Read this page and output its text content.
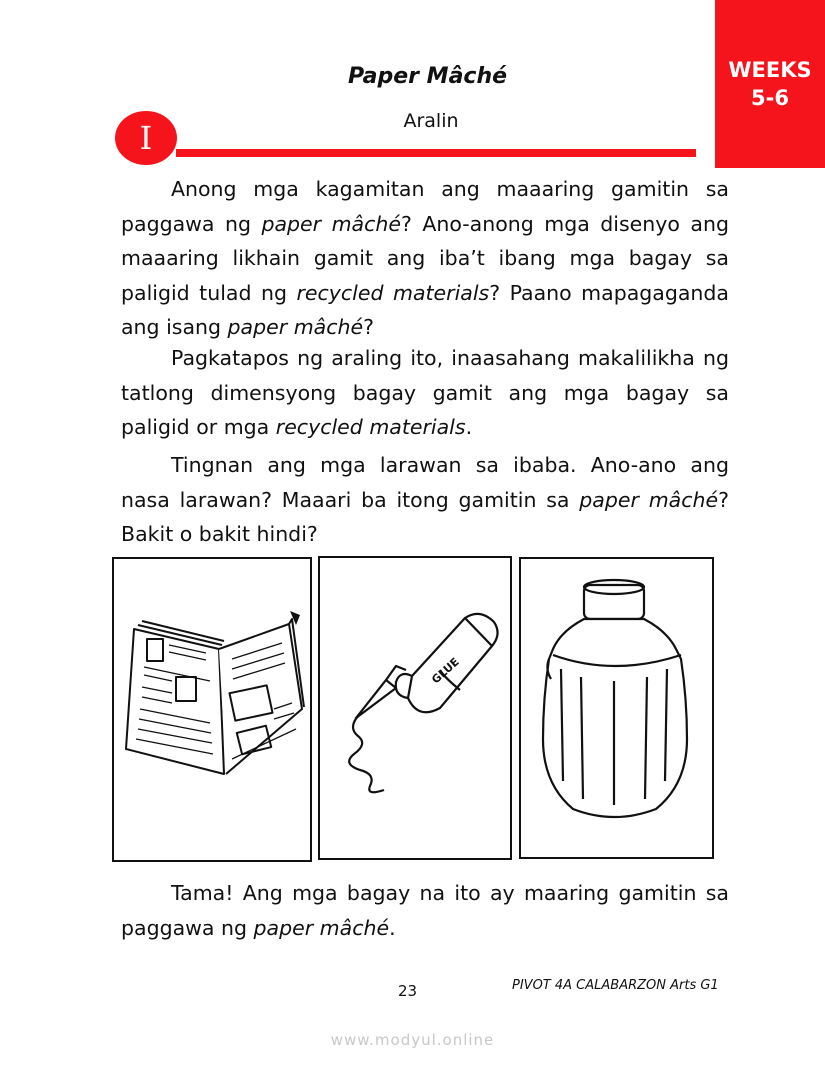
WEEKS
5-6
Paper Mâché
Aralin
I

Anong mga kagamitan ang maaaring gamitin sa paggawa ng paper mâché? Ano-anong mga disenyo ang maaaring likhain gamit ang iba’t ibang mga bagay sa paligid tulad ng recycled materials? Paano mapagaganda ang isang paper mâché?

Pagkatapos ng araling ito, inaasahang makalilikha ng tatlong dimensyong bagay gamit ang mga bagay sa paligid or mga recycled materials.

Tingnan ang mga larawan sa ibaba. Ano-ano ang nasa larawan? Maaari ba itong gamitin sa paper mâché? Bakit o bakit hindi?

GLUE

Tama! Ang mga bagay na ito ay maaring gamitin sa paggawa ng paper mâché.

23	PIVOT 4A CALABARZON Arts G1
www.modyul.online
